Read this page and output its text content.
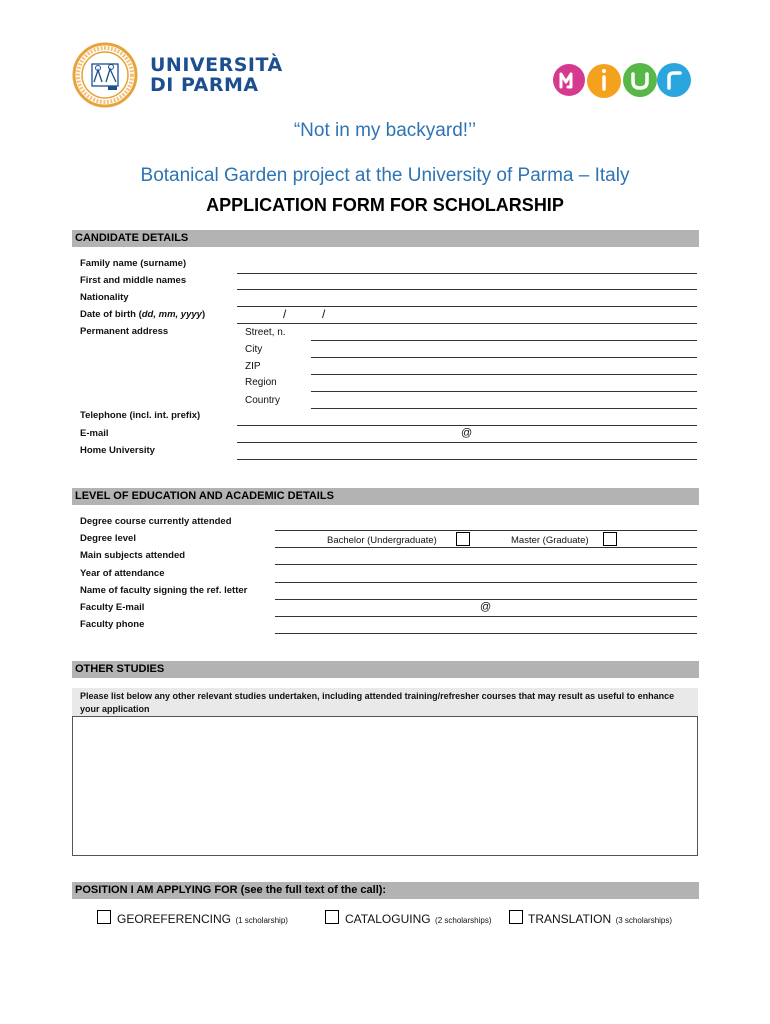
UNIVERSITÀ
DI PARMA
“Not in my backyard!’’
Botanical Garden project at the University of Parma – Italy
APPLICATION FORM FOR SCHOLARSHIP
CANDIDATE DETAILS
Family name (surname)
First and middle names
Nationality
Date of birth (dd, mm, yyyy)	/	/
Permanent address	Street, n.
City
ZIP
Region
Country
Telephone (incl. int. prefix)
E-mail	@
Home University
LEVEL OF EDUCATION AND ACADEMIC DETAILS
Degree course currently attended
Degree level	Bachelor (Undergraduate)	Master (Graduate)
Main subjects attended
Year of attendance
Name of faculty signing the ref. letter
Faculty E-mail	@
Faculty phone
OTHER STUDIES
Please list below any other relevant studies undertaken, including attended training/refresher courses that may result as useful to enhance your application
POSITION I AM APPLYING FOR (see the full text of the call):
GEOREFERENCING (1 scholarship)	CATALOGUING (2 scholarships)	TRANSLATION (3 scholarships)
